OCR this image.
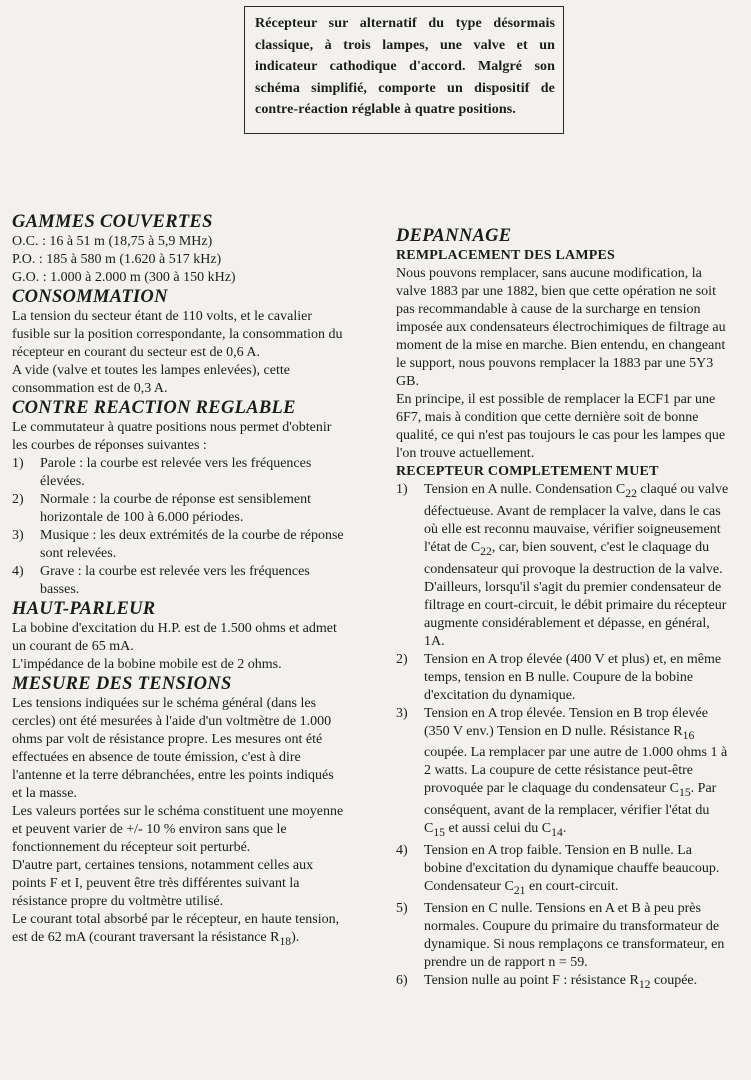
Récepteur sur alternatif du type désormais classique, à trois lampes, une valve et un indicateur cathodique d'accord. Malgré son schéma simplifié, comporte un dispositif de contre-réaction réglable à quatre positions.

GAMMES COUVERTES

O.C. : 16 à 51 m (18,75 à 5,9 MHz)

P.O. : 185 à 580 m (1.620 à 517 kHz)

G.O. : 1.000 à 2.000 m (300 à 150 kHz)

CONSOMMATION

La tension du secteur étant de 110 volts, et le cavalier fusible sur la position correspondante, la consommation du récepteur en courant du secteur est de 0,6 A.

A vide (valve et toutes les lampes enlevées), cette consommation est de 0,3 A.

CONTRE REACTION REGLABLE

Le commutateur à quatre positions nous permet d'obtenir les courbes de réponses suivantes :

1) Parole : la courbe est relevée vers les fréquences élevées.
2) Normale : la courbe de réponse est sensiblement horizontale de 100 à 6.000 périodes.
3) Musique : les deux extrémités de la courbe de réponse sont relevées.
4) Grave : la courbe est relevée vers les fréquences basses.
HAUT-PARLEUR

La bobine d'excitation du H.P. est de 1.500 ohms et admet un courant de 65 mA.

L'impédance de la bobine mobile est de 2 ohms.

MESURE DES TENSIONS

Les tensions indiquées sur le schéma général (dans les cercles) ont été mesurées à l'aide d'un voltmètre de 1.000 ohms par volt de résistance propre. Les mesures ont été effectuées en absence de toute émission, c'est à dire l'antenne et la terre débranchées, entre les points indiqués et la masse.

Les valeurs portées sur le schéma constituent une moyenne et peuvent varier de +/- 10 % environ sans que le fonctionnement du récepteur soit perturbé.

D'autre part, certaines tensions, notamment celles aux points F et I, peuvent être très différentes suivant la résistance propre du voltmètre utilisé.

Le courant total absorbé par le récepteur, en haute tension, est de 62 mA (courant traversant la résistance $R_{18}$).

DEPANNAGE
REMPLACEMENT DES LAMPES

Nous pouvons remplacer, sans aucune modification, la valve 1883 par une 1882, bien que cette opération ne soit pas recommandable à cause de la surcharge en tension imposée aux condensateurs électrochimiques de filtrage au moment de la mise en marche. Bien entendu, en changeant le support, nous pouvons remplacer la 1883 par une 5Y3 GB.

En principe, il est possible de remplacer la ECF1 par une 6F7, mais à condition que cette dernière soit de bonne qualité, ce qui n'est pas toujours le cas pour les lampes que l'on trouve actuellement.

RECEPTEUR COMPLETEMENT MUET
1) Tension en A nulle. Condensation $C_{22}$ claqué ou valve défectueuse. Avant de remplacer la valve, dans le cas où elle est reconnu mauvaise, vérifier soigneusement l'état de $C_{22}$, car, bien souvent, c'est le claquage du condensateur qui provoque la destruction de la valve. D'ailleurs, lorsqu'il s'agit du premier condensateur de filtrage en court-circuit, le débit primaire du récepteur augmente considérablement et dépasse, en général, 1A.
2) Tension en A trop élevée (400 V et plus) et, en même temps, tension en B nulle. Coupure de la bobine d'excitation du dynamique.
3) Tension en A trop élevée. Tension en B trop élevée (350 V env.) Tension en D nulle. Résistance $R_{16}$ coupée. La remplacer par une autre de 1.000 ohms 1 à 2 watts. La coupure de cette résistance peut-être provoquée par le claquage du condensateur $C_{15}$. Par conséquent, avant de la remplacer, vérifier l'état du $C_{15}$ et aussi celui du $C_{14}$.
4) Tension en A trop faible. Tension en B nulle. La bobine d'excitation du dynamique chauffe beaucoup. Condensateur $C_{21}$ en court-circuit.
5) Tension en C nulle. Tensions en A et B à peu près normales. Coupure du primaire du transformateur de dynamique. Si nous remplaçons ce transformateur, en prendre un de rapport n = 59.
6) Tension nulle au point F : résistance $R_{12}$ coupée.
